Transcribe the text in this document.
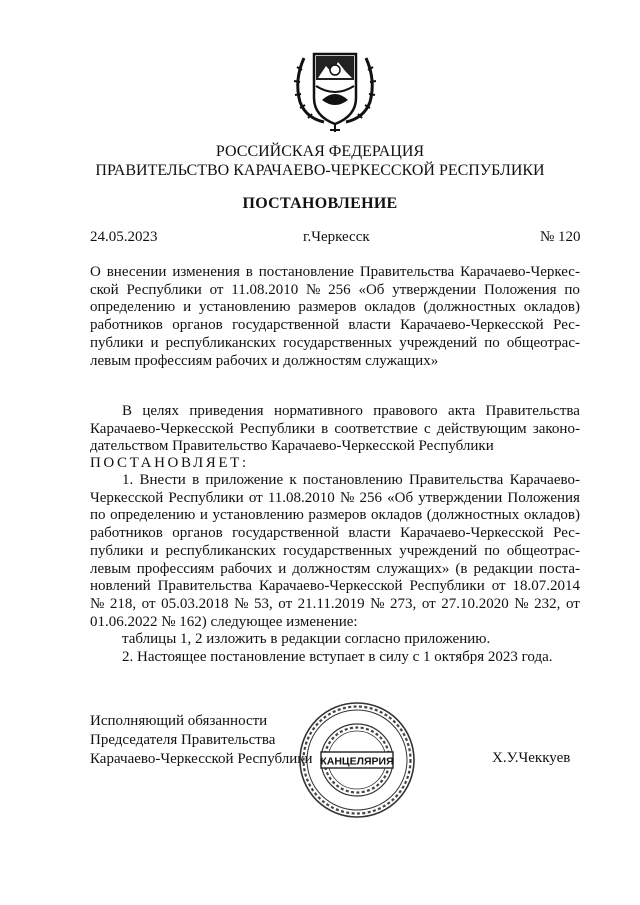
РОССИЙСКАЯ ФЕДЕРАЦИЯ
ПРАВИТЕЛЬСТВО КАРАЧАЕВО-ЧЕРКЕССКОЙ РЕСПУБЛИКИ
ПОСТАНОВЛЕНИЕ
24.05.2023	г.Черкесск	№ 120
О внесении изменения в постановление Правительства Карачаево-Черкес-
ской Республики от 11.08.2010 № 256 «Об утверждении Положения по
определению и установлению размеров окладов (должностных окладов)
работников органов государственной власти Карачаево-Черкесской Рес-
публики и республиканских государственных учреждений по общеотрас-
левым профессиям рабочих и должностям служащих»
В целях приведения нормативного правового акта Правительства
Карачаево-Черкесской Республики в соответствие с действующим законо-
дательством Правительство Карачаево-Черкесской Республики
ПОСТАНОВЛЯЕТ:
1. Внести в приложение к постановлению Правительства Карачаево-
Черкесской Республики от 11.08.2010 № 256 «Об утверждении Положения
по определению и установлению размеров окладов (должностных окладов)
работников органов государственной власти Карачаево-Черкесской Рес-
публики и республиканских государственных учреждений по общеотрас-
левым профессиям рабочих и должностям служащих» (в редакции поста-
новлений Правительства Карачаево-Черкесской Республики от 18.07.2014
№ 218, от 05.03.2018 № 53, от 21.11.2019 № 273, от 27.10.2020 № 232, от
01.06.2022 № 162) следующее изменение:
таблицы 1, 2 изложить в редакции согласно приложению.
2. Настоящее постановление вступает в силу с 1 октября 2023 года.
Исполняющий обязанности
Председателя Правительства
Карачаево-Черкесской Республики	Х.У.Чеккуев
КАНЦЕЛЯРИЯ
